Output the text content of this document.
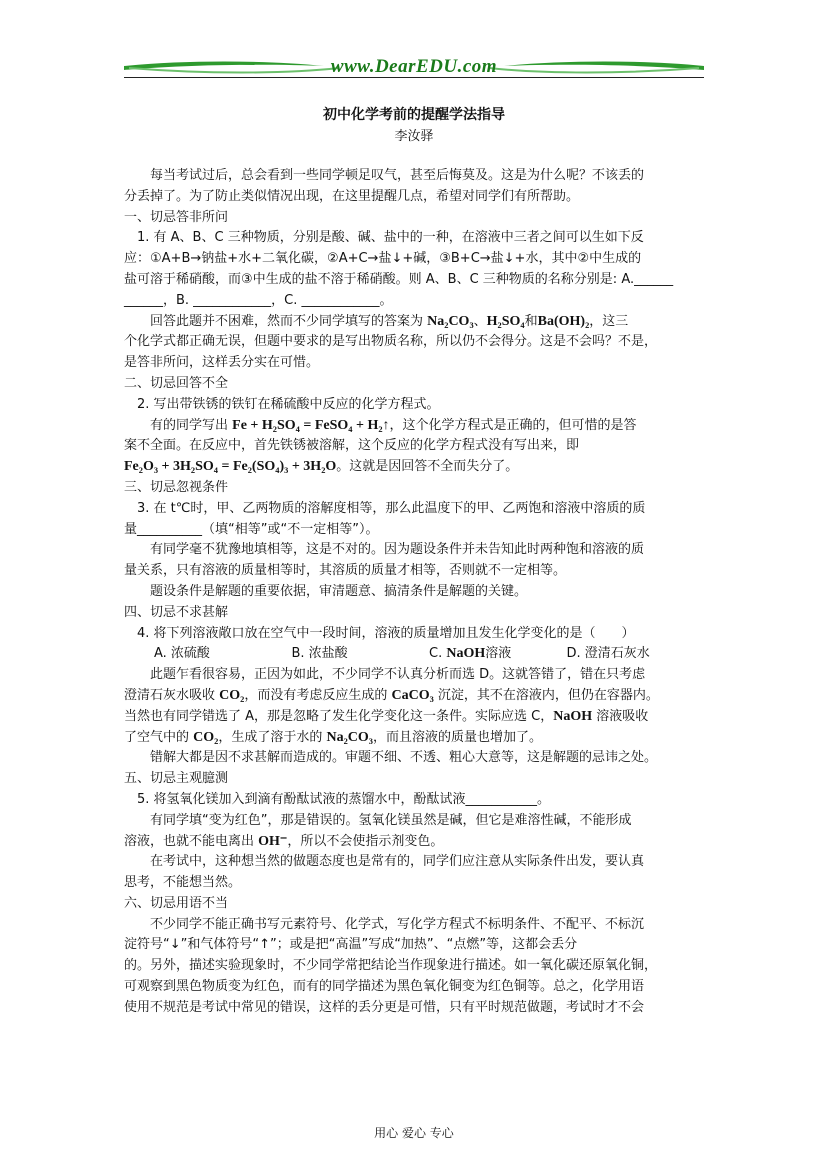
www.DearEDU.com
初中化学考前的提醒学法指导
李汝驿

每当考试过后，总会看到一些同学顿足叹气，甚至后悔莫及。这是为什么呢？不该丢的

分丢掉了。为了防止类似情况出现，在这里提醒几点，希望对同学们有所帮助。

一、切忌答非所问

1. 有 A、B、C 三种物质，分别是酸、碱、盐中的一种，在溶液中三者之间可以生如下反

应：①A+B→钠盐+水+二氧化碳，②A+C→盐↓+碱，③B+C→盐↓+水，其中②中生成的

盐可溶于稀硝酸，而③中生成的盐不溶于稀硝酸。则 A、B、C 三种物质的名称分别是: A.______

______，B. ____________，C. ____________。

回答此题并不困难，然而不少同学填写的答案为 Na₂CO₃、H₂SO₄和Ba(OH)₂，这三

个化学式都正确无误，但题中要求的是写出物质名称，所以仍不会得分。这是不会吗？不是，

是答非所问，这样丢分实在可惜。

二、切忌回答不全

2. 写出带铁锈的铁钉在稀硫酸中反应的化学方程式。

有的同学写出 Fe + H₂SO₄ = FeSO₄ + H₂↑，这个化学方程式是正确的，但可惜的是答

案不全面。在反应中，首先铁锈被溶解，这个反应的化学方程式没有写出来，即

Fe₂O₃ + 3H₂SO₄ = Fe₂(SO₄)₃ + 3H₂O。这就是因回答不全而失分了。

三、切忌忽视条件

3. 在 t℃时，甲、乙两物质的溶解度相等，那么此温度下的甲、乙两饱和溶液中溶质的质

量__________（填“相等”或“不一定相等”）。

有同学毫不犹豫地填相等，这是不对的。因为题设条件并未告知此时两种饱和溶液的质

量关系，只有溶液的质量相等时，其溶质的质量才相等，否则就不一定相等。

题设条件是解题的重要依据，审清题意、搞清条件是解题的关键。

四、切忌不求甚解

4. 将下列溶液敞口放在空气中一段时间，溶液的质量增加且发生化学变化的是（　　）

A. 浓硫酸	B. 浓盐酸	C. NaOH溶液	D. 澄清石灰水

此题乍看很容易，正因为如此，不少同学不认真分析而选 D。这就答错了，错在只考虑

澄清石灰水吸收 CO₂，而没有考虑反应生成的 CaCO₃ 沉淀，其不在溶液内，但仍在容器内。

当然也有同学错选了 A，那是忽略了发生化学变化这一条件。实际应选 C，NaOH 溶液吸收

了空气中的 CO₂，生成了溶于水的 Na₂CO₃，而且溶液的质量也增加了。

错解大都是因不求甚解而造成的。审题不细、不透、粗心大意等，这是解题的忌讳之处。

五、切忌主观臆测

5. 将氢氧化镁加入到滴有酚酞试液的蒸馏水中，酚酞试液___________。

有同学填“变为红色”，那是错误的。氢氧化镁虽然是碱，但它是难溶性碱，不能形成

溶液，也就不能电离出 OH⁻，所以不会使指示剂变色。

在考试中，这种想当然的做题态度也是常有的，同学们应注意从实际条件出发，要认真

思考，不能想当然。

六、切忌用语不当

不少同学不能正确书写元素符号、化学式，写化学方程式不标明条件、不配平、不标沉

淀符号“↓”和气体符号“↑”；或是把“高温”写成“加热”、“点燃”等，这都会丢分

的。另外，描述实验现象时，不少同学常把结论当作现象进行描述。如一氧化碳还原氧化铜，

可观察到黑色物质变为红色，而有的同学描述为黑色氧化铜变为红色铜等。总之，化学用语

使用不规范是考试中常见的错误，这样的丢分更是可惜，只有平时规范做题，考试时才不会

用心 爱心 专心
